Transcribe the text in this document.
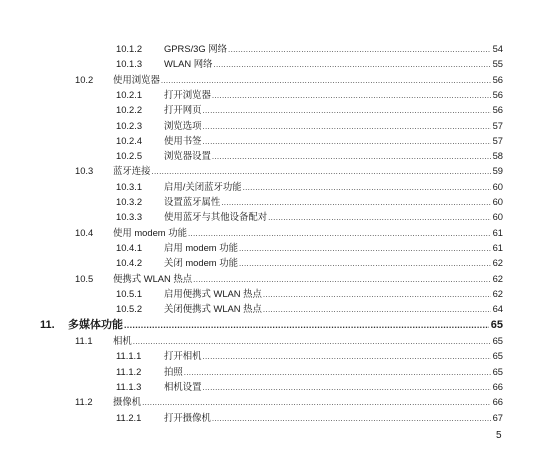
10.1.2 GPRS/3G 网络 .....	54
10.1.3 WLAN 网络 .....	55
10.2 使用浏览器 .....	56
10.2.1 打开浏览器 .....	56
10.2.2 打开网页 .....	56
10.2.3 浏览选项 .....	57
10.2.4 使用书签 .....	57
10.2.5 浏览器设置 .....	58
10.3 蓝牙连接 .....	59
10.3.1 启用/关闭蓝牙功能 .....	60
10.3.2 设置蓝牙属性 .....	60
10.3.3 使用蓝牙与其他设备配对 .....	60
10.4 使用 modem 功能 .....	61
10.4.1 启用 modem 功能 .....	61
10.4.2 关闭 modem 功能 .....	62
10.5 便携式 WLAN 热点 .....	62
10.5.1 启用便携式 WLAN 热点 .....	62
10.5.2 关闭便携式 WLAN 热点 .....	64
11. 多媒体功能 .....	65
11.1 相机 .....	65
11.1.1 打开相机 .....	65
11.1.2 拍照 .....	65
11.1.3 相机设置 .....	66
11.2 摄像机 .....	66
11.2.1 打开摄像机 .....	67
5
